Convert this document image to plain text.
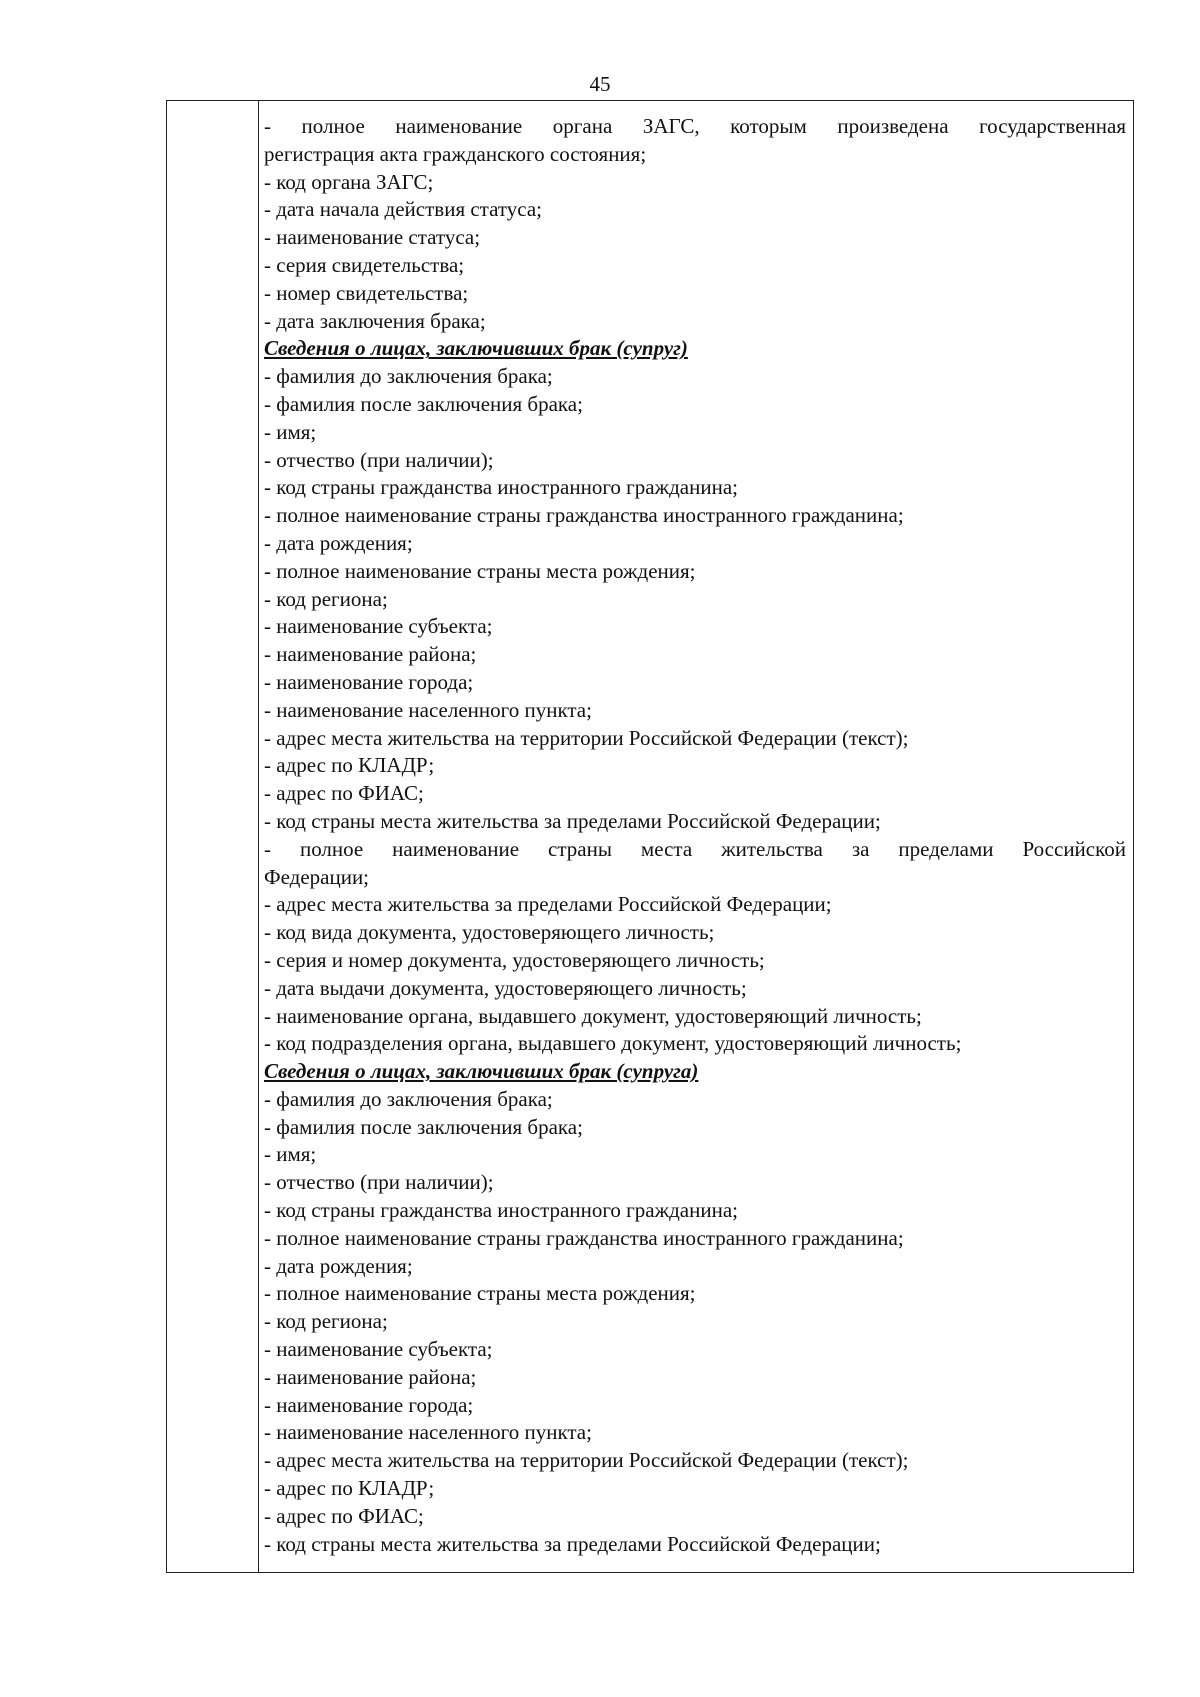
45
- полное наименование органа ЗАГС, которым произведена государственная
регистрация акта гражданского состояния;
- код органа ЗАГС;
- дата начала действия статуса;
- наименование статуса;
- серия свидетельства;
- номер свидетельства;
- дата заключения брака;
Сведения о лицах, заключивших брак (супруг)
- фамилия до заключения брака;
- фамилия после заключения брака;
- имя;
- отчество (при наличии);
- код страны гражданства иностранного гражданина;
- полное наименование страны гражданства иностранного гражданина;
- дата рождения;
- полное наименование страны места рождения;
- код региона;
- наименование субъекта;
- наименование района;
- наименование города;
- наименование населенного пункта;
- адрес места жительства на территории Российской Федерации (текст);
- адрес по КЛАДР;
- адрес по ФИАС;
- код страны места жительства за пределами Российской Федерации;
- полное наименование страны места жительства за пределами Российской
Федерации;
- адрес места жительства за пределами Российской Федерации;
- код вида документа, удостоверяющего личность;
- серия и номер документа, удостоверяющего личность;
- дата выдачи документа, удостоверяющего личность;
- наименование органа, выдавшего документ, удостоверяющий личность;
- код подразделения органа, выдавшего документ, удостоверяющий личность;
Сведения о лицах, заключивших брак (супруга)
- фамилия до заключения брака;
- фамилия после заключения брака;
- имя;
- отчество (при наличии);
- код страны гражданства иностранного гражданина;
- полное наименование страны гражданства иностранного гражданина;
- дата рождения;
- полное наименование страны места рождения;
- код региона;
- наименование субъекта;
- наименование района;
- наименование города;
- наименование населенного пункта;
- адрес места жительства на территории Российской Федерации (текст);
- адрес по КЛАДР;
- адрес по ФИАС;
- код страны места жительства за пределами Российской Федерации;
